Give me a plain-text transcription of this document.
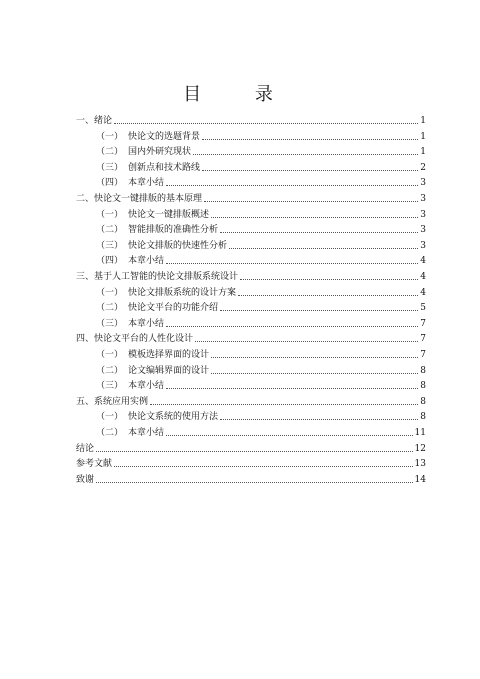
目 录
一、绪论	1
（一） 快论文的选题背景	1
（二） 国内外研究现状	1
（三） 创新点和技术路线	2
（四） 本章小结	3
二、快论文一键排版的基本原理	3
（一） 快论文一键排版概述	3
（二） 智能排版的准确性分析	3
（三） 快论文排版的快速性分析	3
（四） 本章小结	4
三、基于人工智能的快论文排版系统设计	4
（一） 快论文排版系统的设计方案	4
（二） 快论文平台的功能介绍	5
（三） 本章小结	7
四、快论文平台的人性化设计	7
（一） 模板选择界面的设计	7
（二） 论文编辑界面的设计	8
（三） 本章小结	8
五、系统应用实例	8
（一） 快论文系统的使用方法	8
（二） 本章小结	11
结论	12
参考文献	13
致谢	14
